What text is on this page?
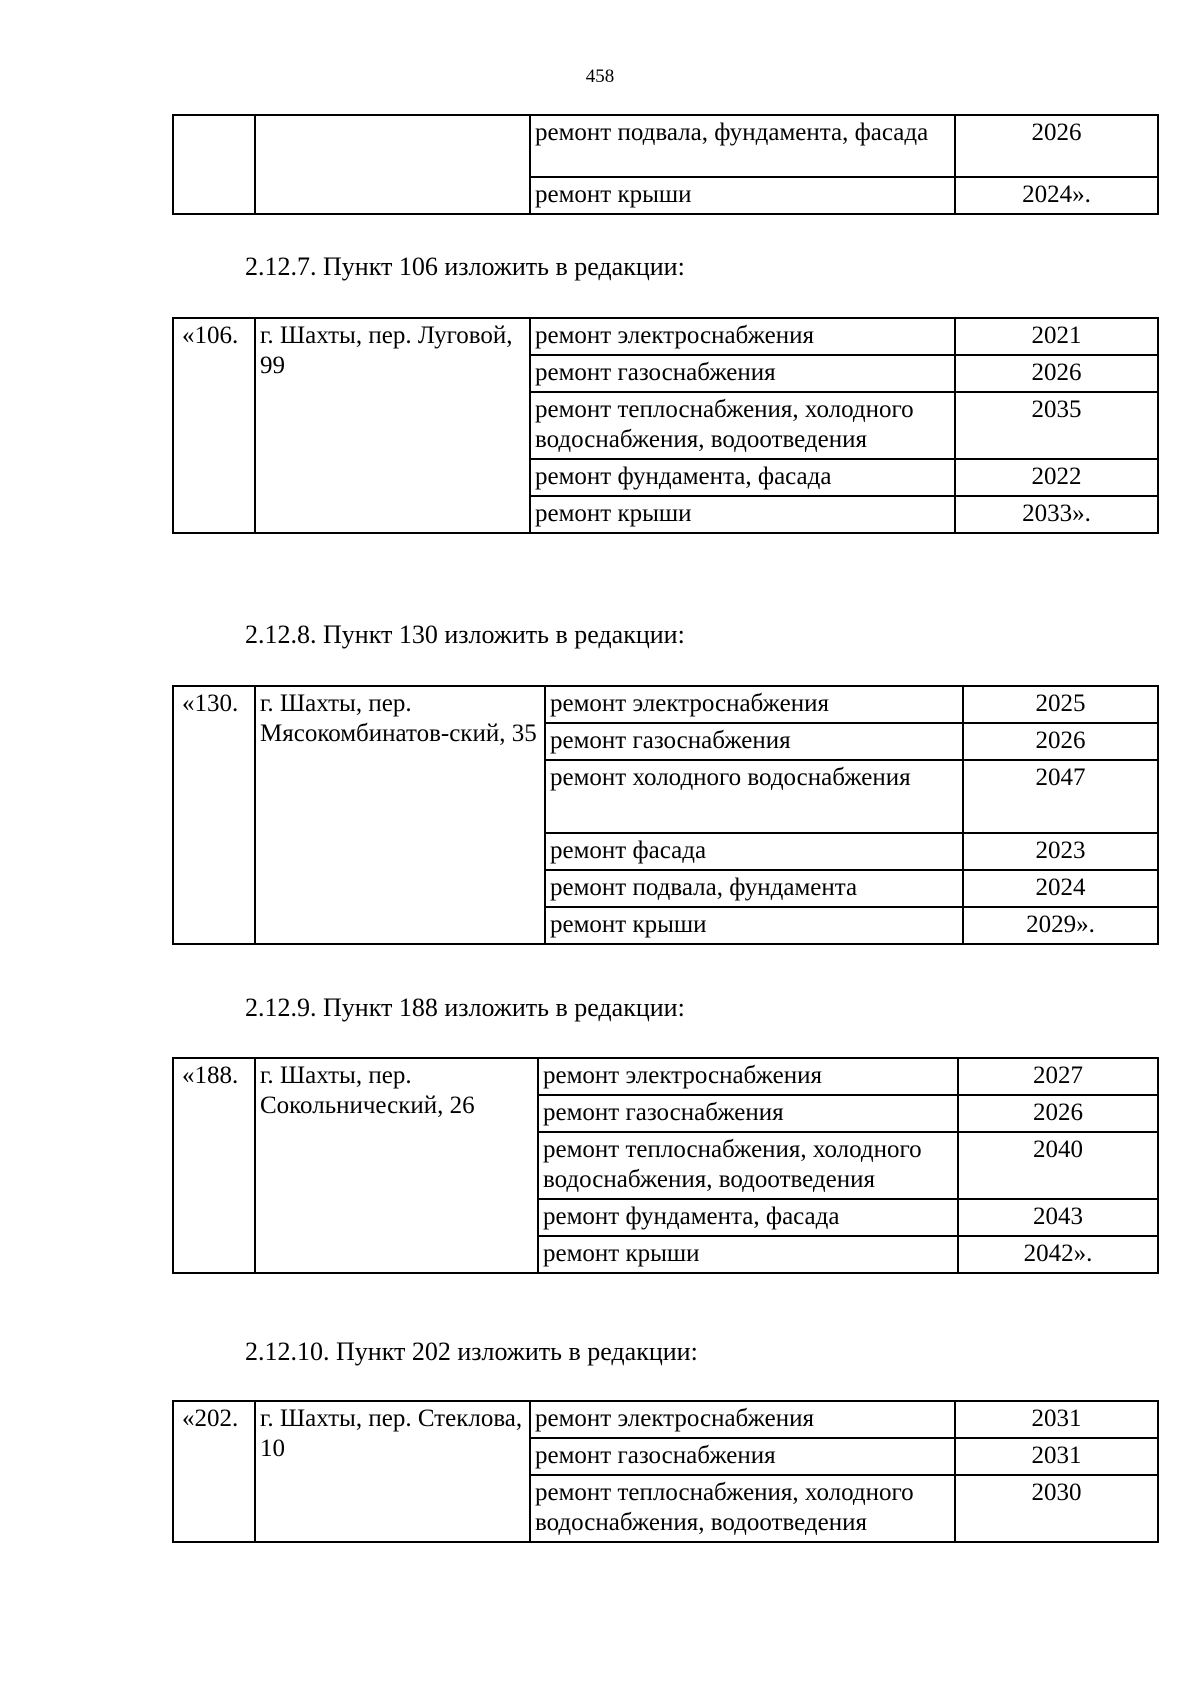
458
		ремонт подвала, фундамента, фасада	2026
		ремонт крыши	2024».
2.12.7. Пункт 106 изложить в редакции:
«106.	г. Шахты, пер. Луговой, 99	ремонт электроснабжения	2021
		ремонт газоснабжения	2026
		ремонт теплоснабжения, холодного водоснабжения, водоотведения	2035
		ремонт фундамента, фасада	2022
		ремонт крыши	2033».
2.12.8. Пункт 130 изложить в редакции:
«130.	г. Шахты, пер. Мясокомбинатов-ский, 35	ремонт электроснабжения	2025
		ремонт газоснабжения	2026
		ремонт холодного водоснабжения	2047
		ремонт фасада	2023
		ремонт подвала, фундамента	2024
		ремонт крыши	2029».
2.12.9. Пункт 188 изложить в редакции:
«188.	г. Шахты, пер. Сокольнический, 26	ремонт электроснабжения	2027
		ремонт газоснабжения	2026
		ремонт теплоснабжения, холодного водоснабжения, водоотведения	2040
		ремонт фундамента, фасада	2043
		ремонт крыши	2042».
2.12.10. Пункт 202 изложить в редакции:
«202.	г. Шахты, пер. Стеклова, 10	ремонт электроснабжения	2031
		ремонт газоснабжения	2031
		ремонт теплоснабжения, холодного водоснабжения, водоотведения	2030
